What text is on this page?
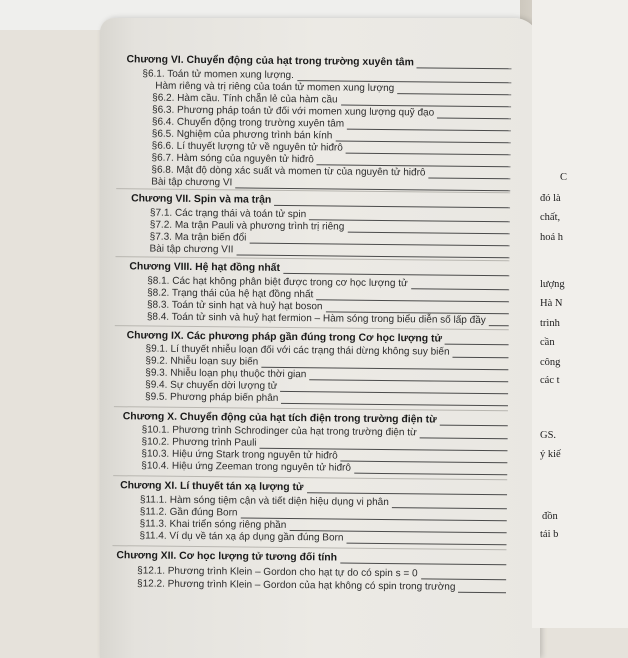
Chương VI. Chuyển động của hạt trong trường xuyên tâm
§6.1. Toán tử momen xung lượng.
Hàm riêng và trị riêng của toán tử momen xung lượng
§6.2. Hàm cầu. Tính chẵn lẻ của hàm cầu
§6.3. Phương pháp toán tử đối với momen xung lượng quỹ đạo
§6.4. Chuyển động trong trường xuyên tâm
§6.5. Nghiệm của phương trình bán kính
§6.6. Lí thuyết lượng tử về nguyên tử hiđrô
§6.7. Hàm sóng của nguyên tử hiđrô
§6.8. Mật độ dòng xác suất và momen từ của nguyên tử hiđrô
Bài tập chương VI
Chương VII. Spin và ma trận
§7.1. Các trạng thái và toán tử spin
§7.2. Ma trận Pauli và phương trình trị riêng
§7.3. Ma trận biến đổi
Bài tập chương VII
Chương VIII. Hệ hạt đồng nhất
§8.1. Các hạt không phân biệt được trong cơ học lượng tử
§8.2. Trạng thái của hệ hạt đồng nhất
§8.3. Toán tử sinh hạt và huỷ hạt boson
§8.4. Toán tử sinh và huỷ hạt fermion – Hàm sóng trong biểu diễn số lấp đầy
Chương IX. Các phương pháp gần đúng trong Cơ học lượng tử
§9.1. Lí thuyết nhiễu loạn đối với các trạng thái dừng không suy biến
§9.2. Nhiễu loạn suy biến
§9.3. Nhiễu loạn phụ thuộc thời gian
§9.4. Sự chuyển dời lượng tử
§9.5. Phương pháp biến phân
Chương X. Chuyển động của hạt tích điện trong trường điện từ
§10.1. Phương trình Schrodinger của hạt trong trường điện từ
§10.2. Phương trình Pauli
§10.3. Hiệu ứng Stark trong nguyên tử hiđrô
§10.4. Hiệu ứng Zeeman trong nguyên tử hiđrô
Chương XI. Lí thuyết tán xạ lượng tử
§11.1. Hàm sóng tiệm cận và tiết diện hiệu dụng vi phân
§11.2. Gần đúng Born
§11.3. Khai triển sóng riêng phần
§11.4. Ví dụ về tán xạ áp dụng gần đúng Born
Chương XII. Cơ học lượng tử tương đối tính
§12.1. Phương trình Klein – Gordon cho hạt tự do có spin s = 0
§12.2. Phương trình Klein – Gordon của hạt không có spin trong trường
C
đó là
chất,
hoá h
lượng
Hà N
trình
cần
công
các t
GS.
ý kiế
đồn
tái b
